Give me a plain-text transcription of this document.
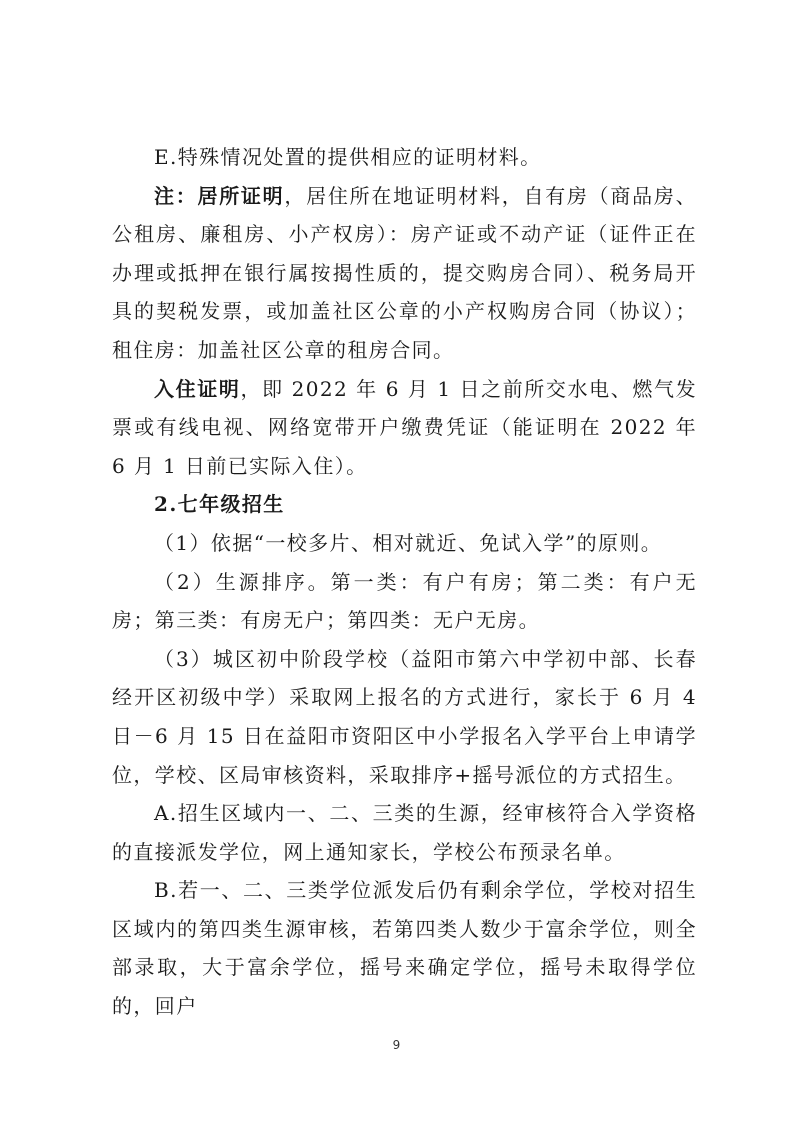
E.特殊情况处置的提供相应的证明材料。

注：居所证明，居住所在地证明材料，自有房（商品房、公租房、廉租房、小产权房）：房产证或不动产证（证件正在办理或抵押在银行属按揭性质的，提交购房合同）、税务局开具的契税发票，或加盖社区公章的小产权购房合同（协议）；租住房：加盖社区公章的租房合同。

入住证明，即 2022 年 6 月 1 日之前所交水电、燃气发票或有线电视、网络宽带开户缴费凭证（能证明在 2022 年 6 月 1 日前已实际入住）。

2.七年级招生

（1）依据“一校多片、相对就近、免试入学”的原则。

（2）生源排序。第一类：有户有房；第二类：有户无房；第三类：有房无户；第四类：无户无房。

（3）城区初中阶段学校（益阳市第六中学初中部、长春经开区初级中学）采取网上报名的方式进行，家长于 6 月 4 日－6 月 15 日在益阳市资阳区中小学报名入学平台上申请学位，学校、区局审核资料，采取排序+摇号派位的方式招生。

A.招生区域内一、二、三类的生源，经审核符合入学资格的直接派发学位，网上通知家长，学校公布预录名单。

B.若一、二、三类学位派发后仍有剩余学位，学校对招生区域内的第四类生源审核，若第四类人数少于富余学位，则全部录取，大于富余学位，摇号来确定学位，摇号未取得学位的，回户

9
